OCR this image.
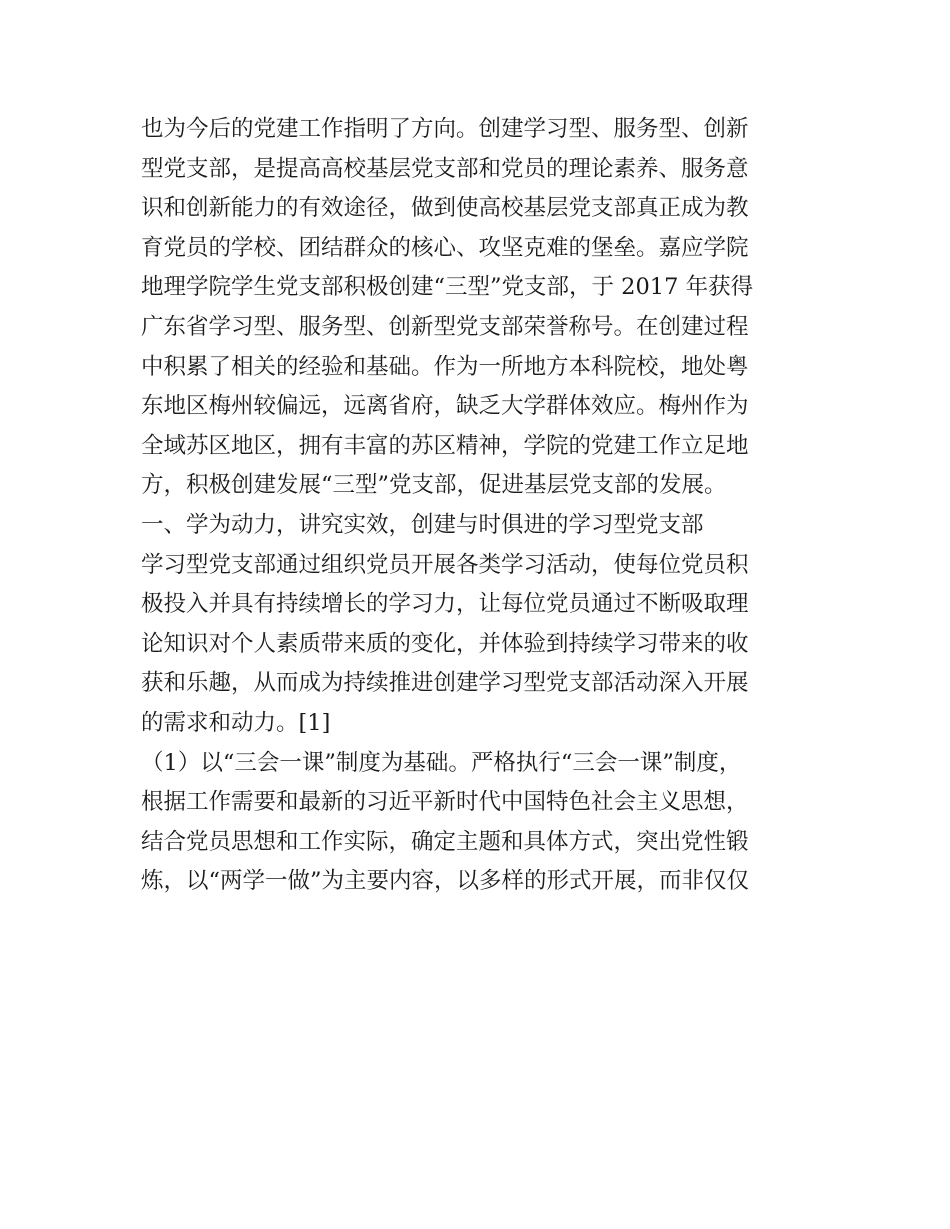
也为今后的党建工作指明了方向。创建学习型、服务型、创新
型党支部，是提高高校基层党支部和党员的理论素养、服务意
识和创新能力的有效途径，做到使高校基层党支部真正成为教
育党员的学校、团结群众的核心、攻坚克难的堡垒。嘉应学院
地理学院学生党支部积极创建“三型”党支部，于 2017 年获得
广东省学习型、服务型、创新型党支部荣誉称号。在创建过程
中积累了相关的经验和基础。作为一所地方本科院校，地处粤
东地区梅州较偏远，远离省府，缺乏大学群体效应。梅州作为
全域苏区地区，拥有丰富的苏区精神，学院的党建工作立足地
方，积极创建发展“三型”党支部，促进基层党支部的发展。
一、学为动力，讲究实效，创建与时俱进的学习型党支部
学习型党支部通过组织党员开展各类学习活动，使每位党员积
极投入并具有持续增长的学习力，让每位党员通过不断吸取理
论知识对个人素质带来质的变化，并体验到持续学习带来的收
获和乐趣，从而成为持续推进创建学习型党支部活动深入开展
的需求和动力。[1]
（1）以“三会一课”制度为基础。严格执行“三会一课”制度，
根据工作需要和最新的习近平新时代中国特色社会主义思想，
结合党员思想和工作实际，确定主题和具体方式，突出党性锻
炼，以“两学一做”为主要内容，以多样的形式开展，而非仅仅
